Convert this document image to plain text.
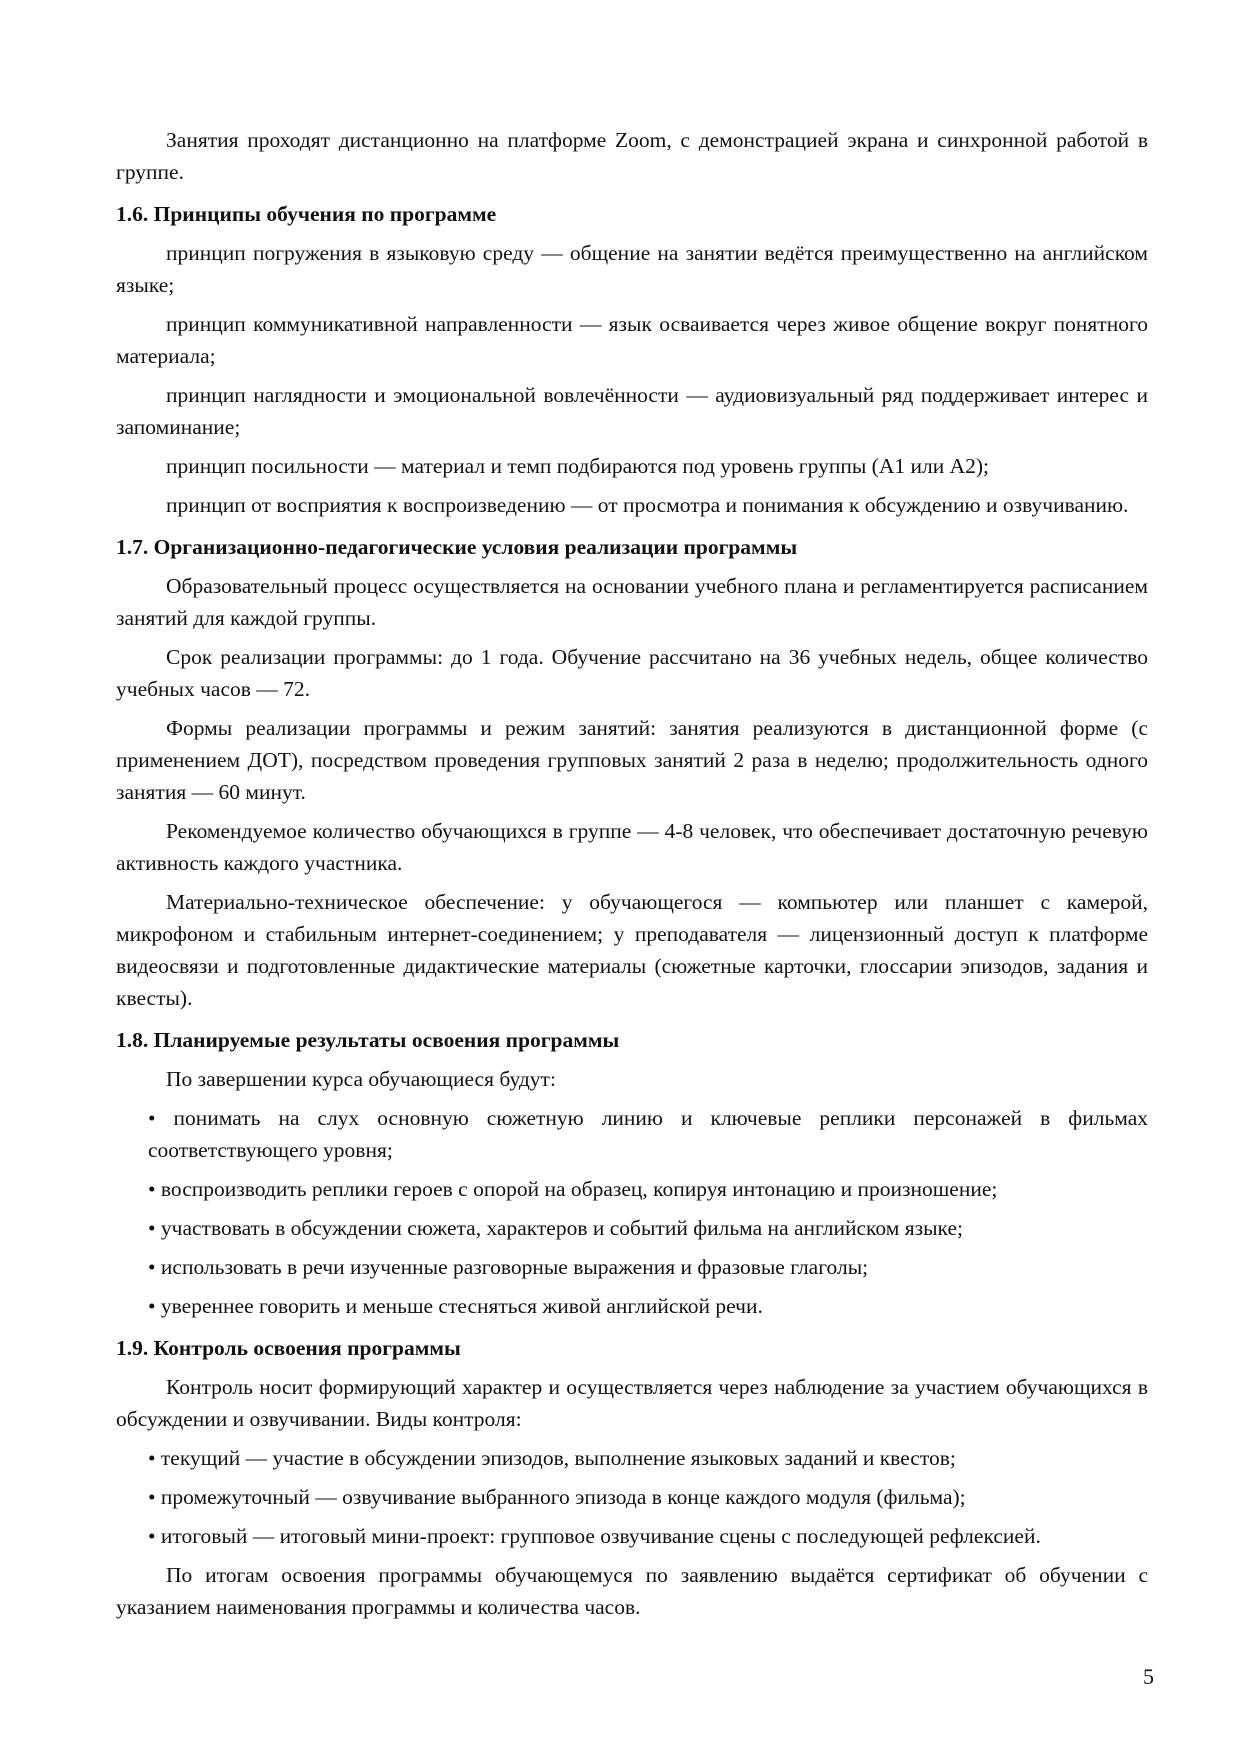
Занятия проходят дистанционно на платформе Zoom, с демонстрацией экрана и синхронной работой в группе.

1.6. Принципы обучения по программе

принцип погружения в языковую среду — общение на занятии ведётся преимущественно на английском языке;

принцип коммуникативной направленности — язык осваивается через живое общение вокруг понятного материала;

принцип наглядности и эмоциональной вовлечённости — аудиовизуальный ряд поддерживает интерес и запоминание;

принцип посильности — материал и темп подбираются под уровень группы (А1 или А2);

принцип от восприятия к воспроизведению — от просмотра и понимания к обсуждению и озвучиванию.

1.7. Организационно-педагогические условия реализации программы

Образовательный процесс осуществляется на основании учебного плана и регламентируется расписанием занятий для каждой группы.

Срок реализации программы: до 1 года. Обучение рассчитано на 36 учебных недель, общее количество учебных часов — 72.

Формы реализации программы и режим занятий: занятия реализуются в дистанционной форме (с применением ДОТ), посредством проведения групповых занятий 2 раза в неделю; продолжительность одного занятия — 60 минут.

Рекомендуемое количество обучающихся в группе — 4-8 человек, что обеспечивает достаточную речевую активность каждого участника.

Материально-техническое обеспечение: у обучающегося — компьютер или планшет с камерой, микрофоном и стабильным интернет-соединением; у преподавателя — лицензионный доступ к платформе видеосвязи и подготовленные дидактические материалы (сюжетные карточки, глоссарии эпизодов, задания и квесты).

1.8. Планируемые результаты освоения программы

По завершении курса обучающиеся будут:

• понимать на слух основную сюжетную линию и ключевые реплики персонажей в фильмах соответствующего уровня;

• воспроизводить реплики героев с опорой на образец, копируя интонацию и произношение;

• участвовать в обсуждении сюжета, характеров и событий фильма на английском языке;

• использовать в речи изученные разговорные выражения и фразовые глаголы;

• увереннее говорить и меньше стесняться живой английской речи.

1.9. Контроль освоения программы

Контроль носит формирующий характер и осуществляется через наблюдение за участием обучающихся в обсуждении и озвучивании. Виды контроля:

• текущий — участие в обсуждении эпизодов, выполнение языковых заданий и квестов;

• промежуточный — озвучивание выбранного эпизода в конце каждого модуля (фильма);

• итоговый — итоговый мини-проект: групповое озвучивание сцены с последующей рефлексией.

По итогам освоения программы обучающемуся по заявлению выдаётся сертификат об обучении с указанием наименования программы и количества часов.

5
